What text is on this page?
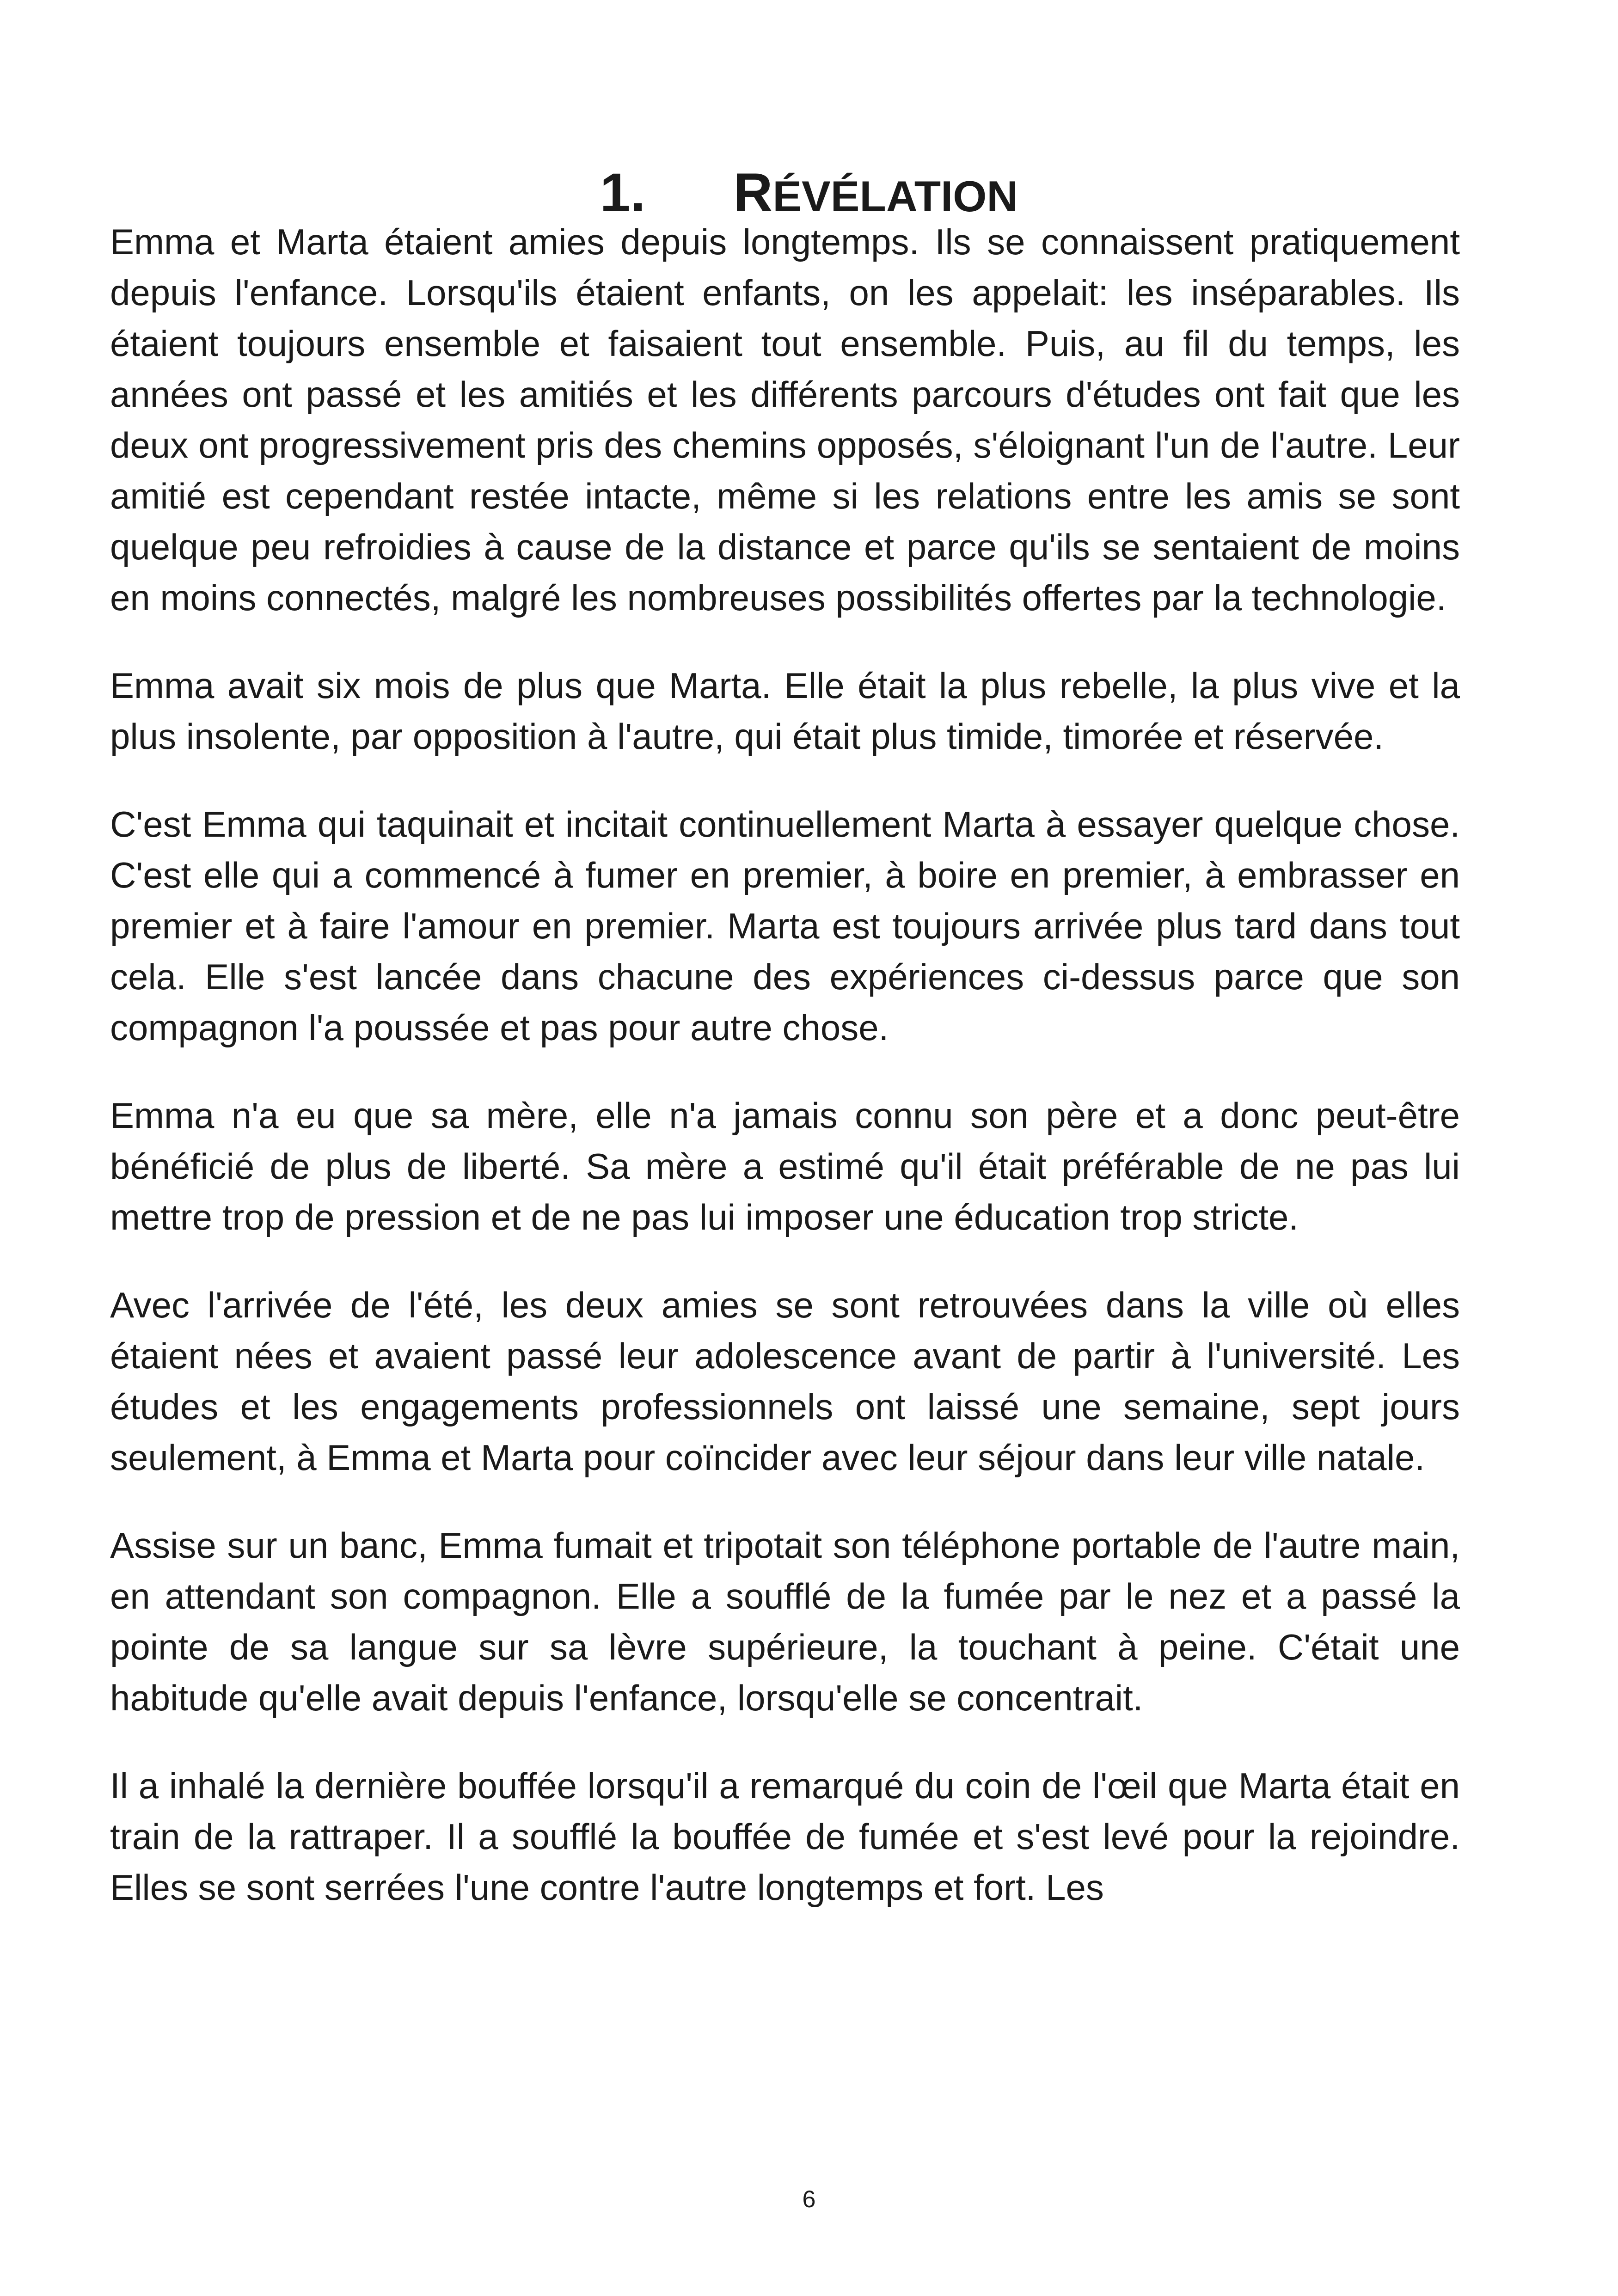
1. RÉVÉLATION

Emma et Marta étaient amies depuis longtemps. Ils se connaissent pratiquement depuis l'enfance. Lorsqu'ils étaient enfants, on les appelait: les inséparables. Ils étaient toujours ensemble et faisaient tout ensemble. Puis, au fil du temps, les années ont passé et les amitiés et les différents parcours d'études ont fait que les deux ont progressivement pris des chemins opposés, s'éloignant l'un de l'autre. Leur amitié est cependant restée intacte, même si les relations entre les amis se sont quelque peu refroidies à cause de la distance et parce qu'ils se sentaient de moins en moins connectés, malgré les nombreuses possibilités offertes par la technologie.

Emma avait six mois de plus que Marta. Elle était la plus rebelle, la plus vive et la plus insolente, par opposition à l'autre, qui était plus timide, timorée et réservée.

C'est Emma qui taquinait et incitait continuellement Marta à essayer quelque chose. C'est elle qui a commencé à fumer en premier, à boire en premier, à embrasser en premier et à faire l'amour en premier. Marta est toujours arrivée plus tard dans tout cela. Elle s'est lancée dans chacune des expériences ci-dessus parce que son compagnon l'a poussée et pas pour autre chose.

Emma n'a eu que sa mère, elle n'a jamais connu son père et a donc peut-être bénéficié de plus de liberté. Sa mère a estimé qu'il était préférable de ne pas lui mettre trop de pression et de ne pas lui imposer une éducation trop stricte.

Avec l'arrivée de l'été, les deux amies se sont retrouvées dans la ville où elles étaient nées et avaient passé leur adolescence avant de partir à l'université. Les études et les engagements professionnels ont laissé une semaine, sept jours seulement, à Emma et Marta pour coïncider avec leur séjour dans leur ville natale.

Assise sur un banc, Emma fumait et tripotait son téléphone portable de l'autre main, en attendant son compagnon. Elle a soufflé de la fumée par le nez et a passé la pointe de sa langue sur sa lèvre supérieure, la touchant à peine. C'était une habitude qu'elle avait depuis l'enfance, lorsqu'elle se concentrait.

Il a inhalé la dernière bouffée lorsqu'il a remarqué du coin de l'œil que Marta était en train de la rattraper. Il a soufflé la bouffée de fumée et s'est levé pour la rejoindre. Elles se sont serrées l'une contre l'autre longtemps et fort. Les

6
